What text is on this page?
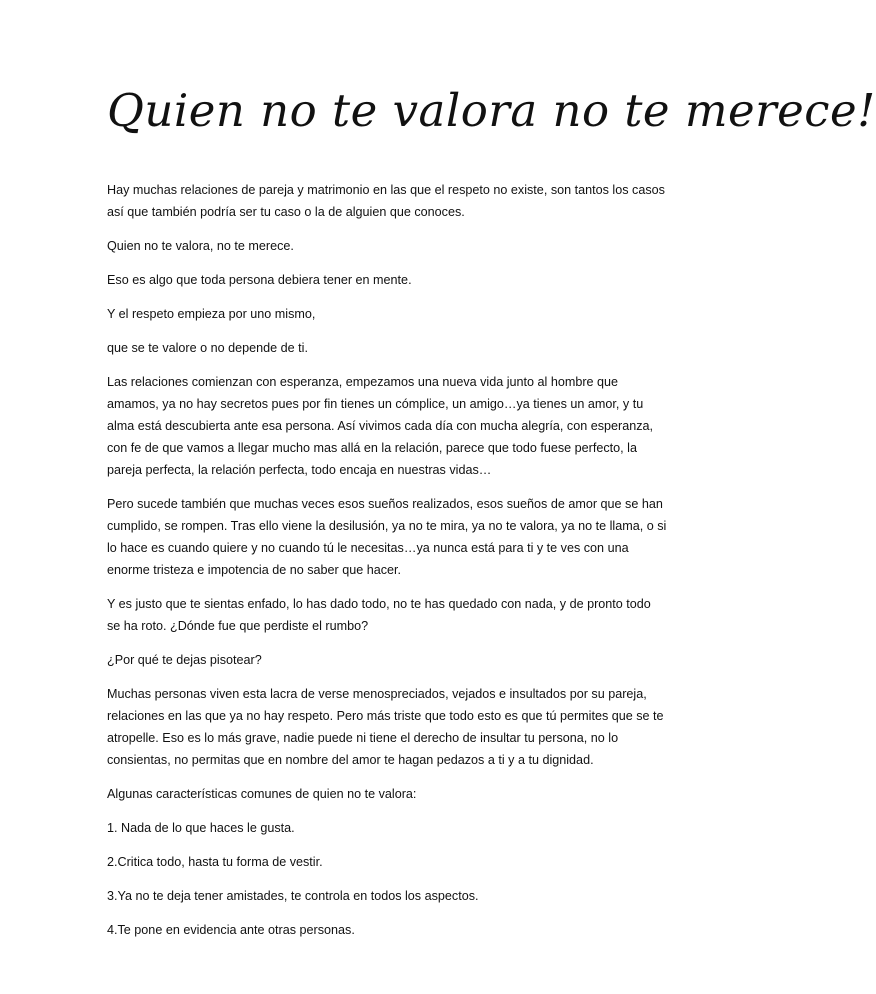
Quien no te valora no te merece!

Hay muchas relaciones de pareja y matrimonio en las que el respeto no existe, son tantos los casos así que también podría ser tu caso o la de alguien que conoces.

Quien no te valora, no te merece.

Eso es algo que toda persona debiera tener en mente.

Y el respeto empieza por uno mismo,

que se te valore o no depende de ti.

Las relaciones comienzan con esperanza, empezamos una nueva vida junto al hombre que amamos, ya no hay secretos pues por fin tienes un cómplice, un amigo…ya tienes un amor, y tu alma está descubierta ante esa persona. Así vivimos cada día con mucha alegría, con esperanza, con fe de que vamos a llegar mucho mas allá en la relación, parece que todo fuese perfecto, la pareja perfecta, la relación perfecta, todo encaja en nuestras vidas…

Pero sucede también que muchas veces esos sueños realizados, esos sueños de amor que se han cumplido, se rompen. Tras ello viene la desilusión, ya no te mira, ya no te valora, ya no te llama, o si lo hace es cuando quiere y no cuando tú le necesitas…ya nunca está para ti y te ves con una enorme tristeza e impotencia de no saber que hacer.

Y es justo que te sientas enfado, lo has dado todo, no te has quedado con nada, y de pronto todo se ha roto. ¿Dónde fue que perdiste el rumbo?

¿Por qué te dejas pisotear?

Muchas personas viven esta lacra de verse menospreciados, vejados e insultados por su pareja, relaciones en las que ya no hay respeto. Pero más triste que todo esto es que tú permites que se te atropelle. Eso es lo más grave, nadie puede ni tiene el derecho de insultar tu persona, no lo consientas, no permitas que en nombre del amor te hagan pedazos a ti y a tu dignidad.

Algunas características comunes de quien no te valora:

1. Nada de lo que haces le gusta.

2.Critica todo, hasta tu forma de vestir.

3.Ya no te deja tener amistades, te controla en todos los aspectos.

4.Te pone en evidencia ante otras personas.
